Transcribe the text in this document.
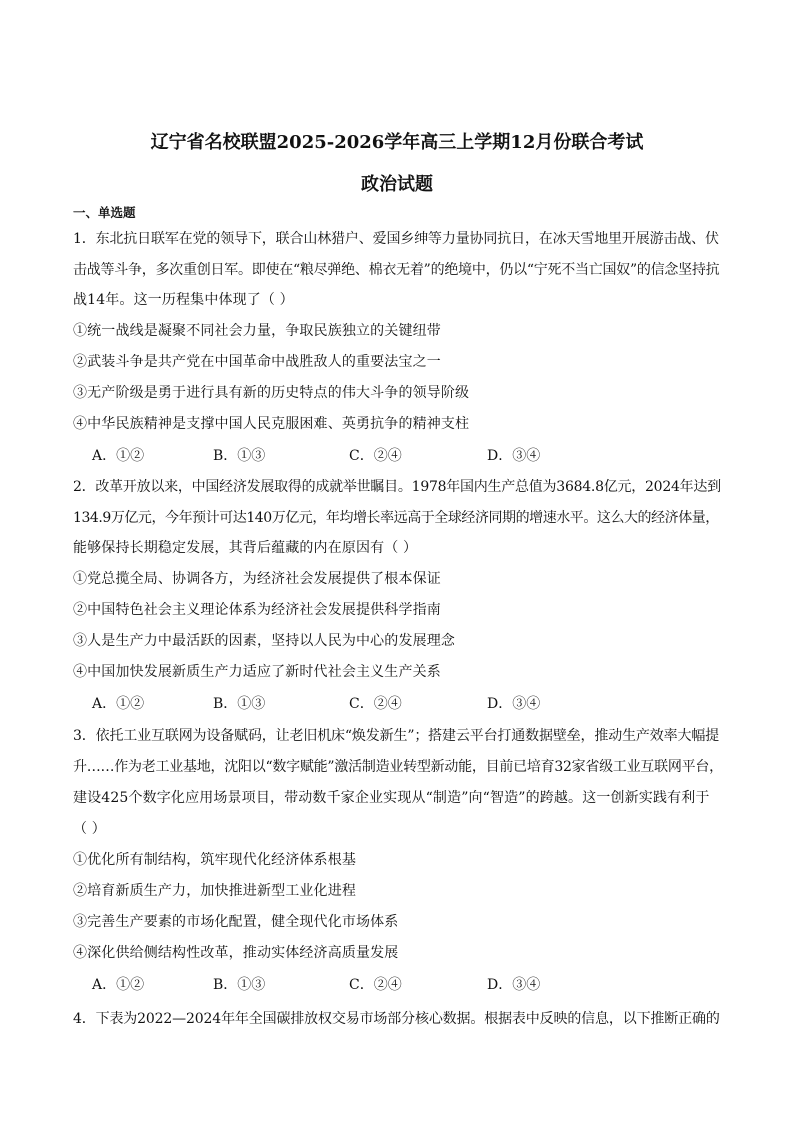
辽宁省名校联盟2025-2026学年高三上学期12月份联合考试
政治试题
一、单选题
1．东北抗日联军在党的领导下，联合山林猎户、爱国乡绅等力量协同抗日，在冰天雪地里开展游击战、伏
击战等斗争，多次重创日军。即使在“粮尽弹绝、棉衣无着”的绝境中，仍以“宁死不当亡国奴”的信念坚持抗
战14年。这一历程集中体现了（ ）
①统一战线是凝聚不同社会力量，争取民族独立的关键纽带
②武装斗争是共产党在中国革命中战胜敌人的重要法宝之一
③无产阶级是勇于进行具有新的历史特点的伟大斗争的领导阶级
④中华民族精神是支撑中国人民克服困难、英勇抗争的精神支柱
A．①②	B．①③	C．②④	D．③④
2．改革开放以来，中国经济发展取得的成就举世瞩目。1978年国内生产总值为3684.8亿元，2024年达到
134.9万亿元，今年预计可达140万亿元，年均增长率远高于全球经济同期的增速水平。这么大的经济体量，
能够保持长期稳定发展，其背后蕴藏的内在原因有（ ）
①党总揽全局、协调各方，为经济社会发展提供了根本保证
②中国特色社会主义理论体系为经济社会发展提供科学指南
③人是生产力中最活跃的因素，坚持以人民为中心的发展理念
④中国加快发展新质生产力适应了新时代社会主义生产关系
A．①②	B．①③	C．②④	D．③④
3．依托工业互联网为设备赋码，让老旧机床“焕发新生”；搭建云平台打通数据壁垒，推动生产效率大幅提
升……作为老工业基地，沈阳以“数字赋能”激活制造业转型新动能，目前已培育32家省级工业互联网平台，
建设425个数字化应用场景项目，带动数千家企业实现从“制造”向“智造”的跨越。这一创新实践有利于
（ ）
①优化所有制结构，筑牢现代化经济体系根基
②培育新质生产力，加快推进新型工业化进程
③完善生产要素的市场化配置，健全现代化市场体系
④深化供给侧结构性改革，推动实体经济高质量发展
A．①②	B．①③	C．②④	D．③④
4．下表为2022—2024年年全国碳排放权交易市场部分核心数据。根据表中反映的信息，以下推断正确的
